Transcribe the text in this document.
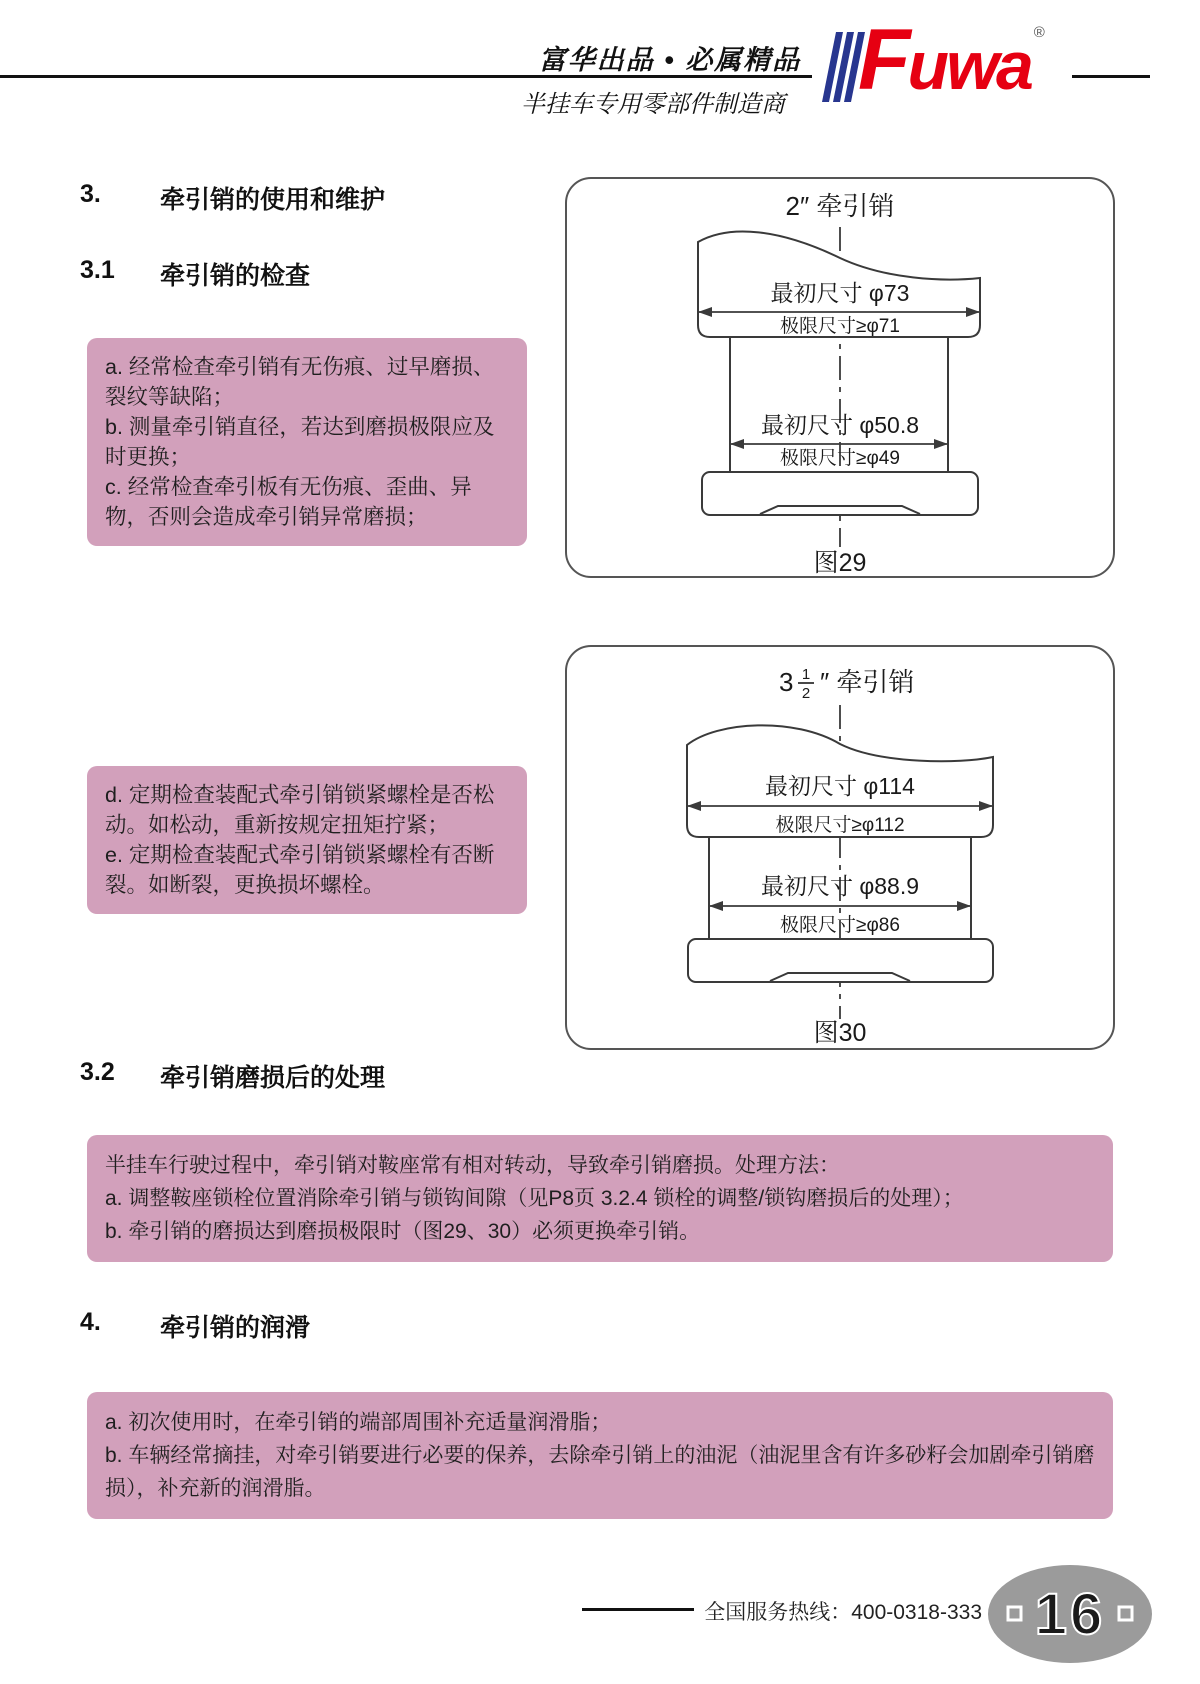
富华出品 • 必属精品
半挂车专用零部件制造商	Fuwa ®
3.	牵引销的使用和维护
3.1	牵引销的检查
3.2	牵引销磨损后的处理
4.	牵引销的润滑

a. 经常检查牵引销有无伤痕、过早磨损、裂纹等缺陷；

b. 测量牵引销直径，若达到磨损极限应及时更换；

c. 经常检查牵引板有无伤痕、歪曲、异物，否则会造成牵引销异常磨损；

d. 定期检查装配式牵引销锁紧螺栓是否松动。如松动，重新按规定扭矩拧紧；

e. 定期检查装配式牵引销锁紧螺栓有否断裂。如断裂，更换损坏螺栓。

半挂车行驶过程中，牵引销对鞍座常有相对转动，导致牵引销磨损。处理方法：

a. 调整鞍座锁栓位置消除牵引销与锁钩间隙（见P8页 3.2.4 锁栓的调整/锁钩磨损后的处理）；

b. 牵引销的磨损达到磨损极限时（图29、30）必须更换牵引销。

a. 初次使用时，在牵引销的端部周围补充适量润滑脂；

b. 车辆经常摘挂，对牵引销要进行必要的保养，去除牵引销上的油泥（油泥里含有许多砂籽会加剧牵引销磨损），补充新的润滑脂。

2″ 牵引销
最初尺寸 φ73
极限尺寸≥φ71
最初尺寸 φ50.8
极限尺寸≥φ49
图29
3 1
2 ″ 牵引销
最初尺寸 φ114
极限尺寸≥φ112
最初尺寸 φ88.9
极限尺寸≥φ86
图30
全国服务热线：400-0318-333 16
